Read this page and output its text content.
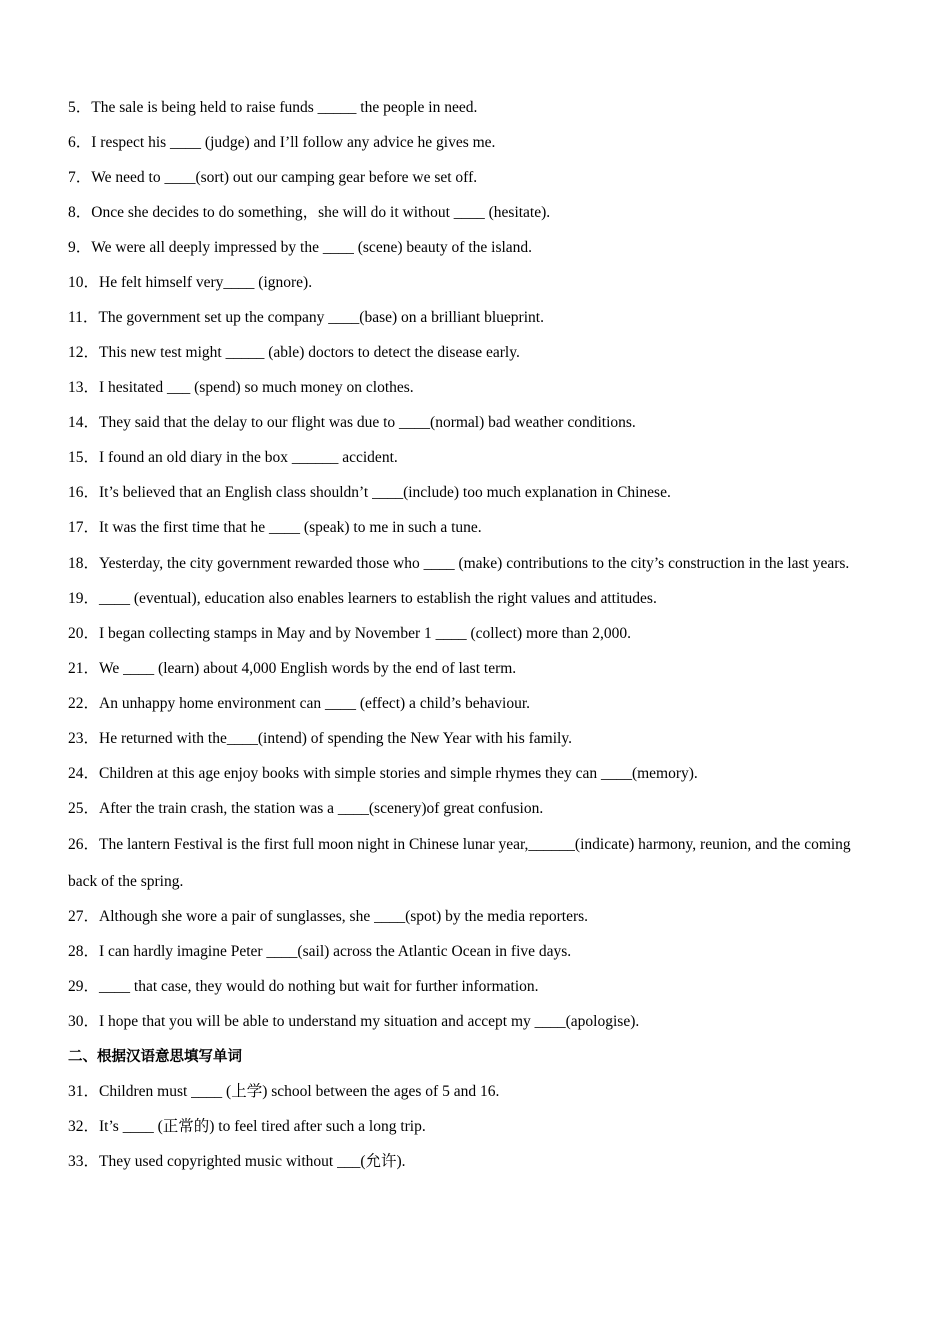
5．The sale is being held to raise funds _____ the people in need.
6．I respect his ____ (judge) and I’ll follow any advice he gives me.
7．We need to ____(sort) out our camping gear before we set off.
8．Once she decides to do something，she will do it without ____ (hesitate).
9．We were all deeply impressed by the ____ (scene) beauty of the island.
10．He felt himself very____ (ignore).
11．The government set up the company ____(base) on a brilliant blueprint.
12．This new test might _____ (able) doctors to detect the disease early.
13．I hesitated ___ (spend) so much money on clothes.
14．They said that the delay to our flight was due to ____(normal) bad weather conditions.
15．I found an old diary in the box ______ accident.
16．It’s believed that an English class shouldn’t ____(include) too much explanation in Chinese.
17．It was the first time that he ____ (speak) to me in such a tune.
18．Yesterday, the city government rewarded those who ____ (make) contributions to the city’s construction in the last years.
19．____ (eventual), education also enables learners to establish the right values and attitudes.
20．I began collecting stamps in May and by November 1 ____ (collect) more than 2,000.
21．We ____ (learn) about 4,000 English words by the end of last term.
22．An unhappy home environment can ____ (effect) a child’s behaviour.
23．He returned with the____(intend) of spending the New Year with his family.
24．Children at this age enjoy books with simple stories and simple rhymes they can ____(memory).
25．After the train crash, the station was a ____(scenery)of great confusion.
26．The lantern Festival is the first full moon night in Chinese lunar year,______(indicate) harmony, reunion, and the coming back of the spring.
27．Although she wore a pair of sunglasses, she ____(spot) by the media reporters.
28．I can hardly imagine Peter ____(sail) across the Atlantic Ocean in five days.
29．____ that case, they would do nothing but wait for further information.
30．I hope that you will be able to understand my situation and accept my ____(apologise).
二、根据汉语意思填写单词
31．Children must ____ (上学) school between the ages of 5 and 16.
32．It’s ____ (正常的) to feel tired after such a long trip.
33．They used copyrighted music without ___(允许).
